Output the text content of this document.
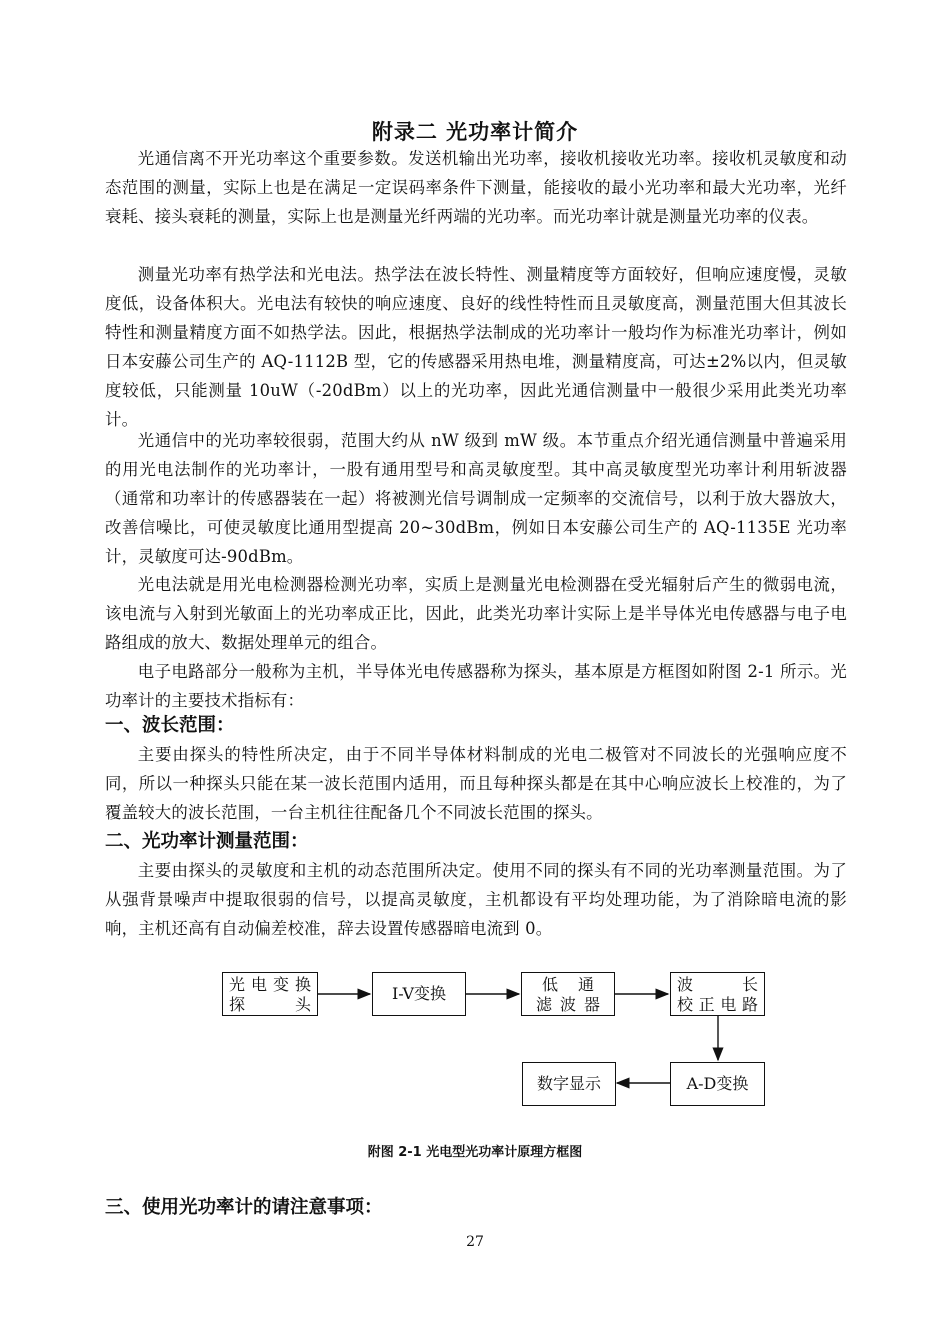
附录二 光功率计简介

光通信离不开光功率这个重要参数。发送机输出光功率，接收机接收光功率。接收机灵敏度和动态范围的测量，实际上也是在满足一定误码率条件下测量，能接收的最小光功率和最大光功率，光纤衰耗、接头衰耗的测量，实际上也是测量光纤两端的光功率。而光功率计就是测量光功率的仪表。

测量光功率有热学法和光电法。热学法在波长特性、测量精度等方面较好，但响应速度慢，灵敏度低，设备体积大。光电法有较快的响应速度、良好的线性特性而且灵敏度高，测量范围大但其波长特性和测量精度方面不如热学法。因此，根据热学法制成的光功率计一般均作为标准光功率计，例如日本安藤公司生产的 AQ-1112B 型，它的传感器采用热电堆，测量精度高，可达±2%以内，但灵敏度较低，只能测量 10uW（-20dBm）以上的光功率，因此光通信测量中一般很少采用此类光功率计。

光通信中的光功率较很弱，范围大约从 nW 级到 mW 级。本节重点介绍光通信测量中普遍采用的用光电法制作的光功率计，一股有通用型号和高灵敏度型。其中高灵敏度型光功率计利用斩波器（通常和功率计的传感器装在一起）将被测光信号调制成一定频率的交流信号，以利于放大器放大，改善信噪比，可使灵敏度比通用型提高 20~30dBm，例如日本安藤公司生产的 AQ-1135E 光功率计，灵敏度可达-90dBm。

光电法就是用光电检测器检测光功率，实质上是测量光电检测器在受光辐射后产生的微弱电流，该电流与入射到光敏面上的光功率成正比，因此，此类光功率计实际上是半导体光电传感器与电子电路组成的放大、数据处理单元的组合。

电子电路部分一般称为主机，半导体光电传感器称为探头，基本原是方框图如附图 2-1 所示。光功率计的主要技术指标有：

一、波长范围：

主要由探头的特性所决定，由于不同半导体材料制成的光电二极管对不同波长的光强响应度不同，所以一种探头只能在某一波长范围内适用，而且每种探头都是在其中心响应波长上校准的，为了覆盖较大的波长范围，一台主机往往配备几个不同波长范围的探头。

二、光功率计测量范围：

主要由探头的灵敏度和主机的动态范围所决定。使用不同的探头有不同的光功率测量范围。为了从强背景噪声中提取很弱的信号，以提高灵敏度，主机都设有平均处理功能，为了消除暗电流的影响，主机还高有自动偏差校准，辞去设置传感器暗电流到 0。

光 电 变 换
探	头
I-V变换	低 通
滤 波 器
波	长
校 正 电 路
A-D变换
数字显示

附图 2-1 光电型光功率计原理方框图

三、使用光功率计的请注意事项：

27
